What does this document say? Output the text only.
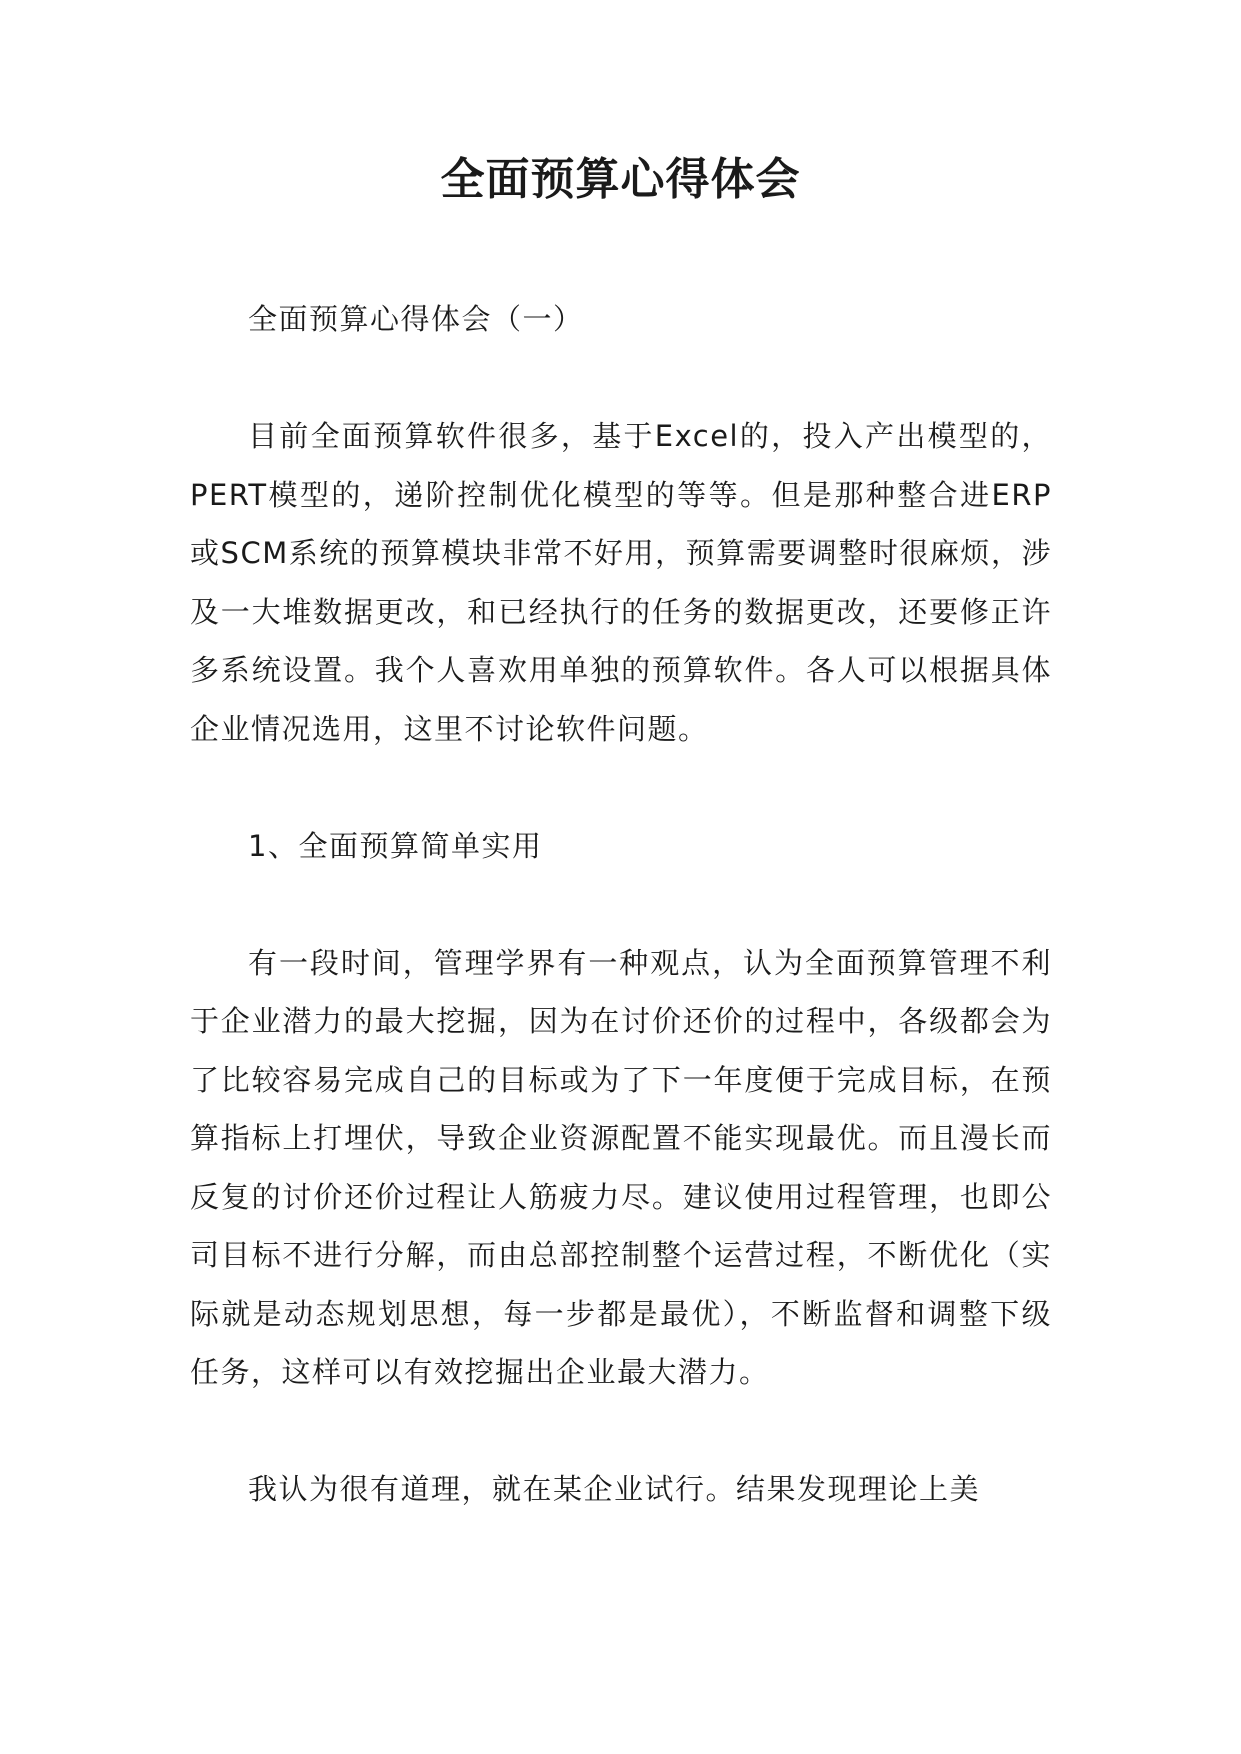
全面预算心得体会

全面预算心得体会（一）

目前全面预算软件很多，基于Excel的，投入产出模型的，PERT模型的，递阶控制优化模型的等等。但是那种整合进ERP或SCM系统的预算模块非常不好用，预算需要调整时很麻烦，涉及一大堆数据更改，和已经执行的任务的数据更改，还要修正许多系统设置。我个人喜欢用单独的预算软件。各人可以根据具体企业情况选用，这里不讨论软件问题。

1、全面预算简单实用

有一段时间，管理学界有一种观点，认为全面预算管理不利于企业潜力的最大挖掘，因为在讨价还价的过程中，各级都会为了比较容易完成自己的目标或为了下一年度便于完成目标，在预算指标上打埋伏，导致企业资源配置不能实现最优。而且漫长而反复的讨价还价过程让人筋疲力尽。建议使用过程管理，也即公司目标不进行分解，而由总部控制整个运营过程，不断优化（实际就是动态规划思想，每一步都是最优），不断监督和调整下级任务，这样可以有效挖掘出企业最大潜力。

我认为很有道理，就在某企业试行。结果发现理论上美
